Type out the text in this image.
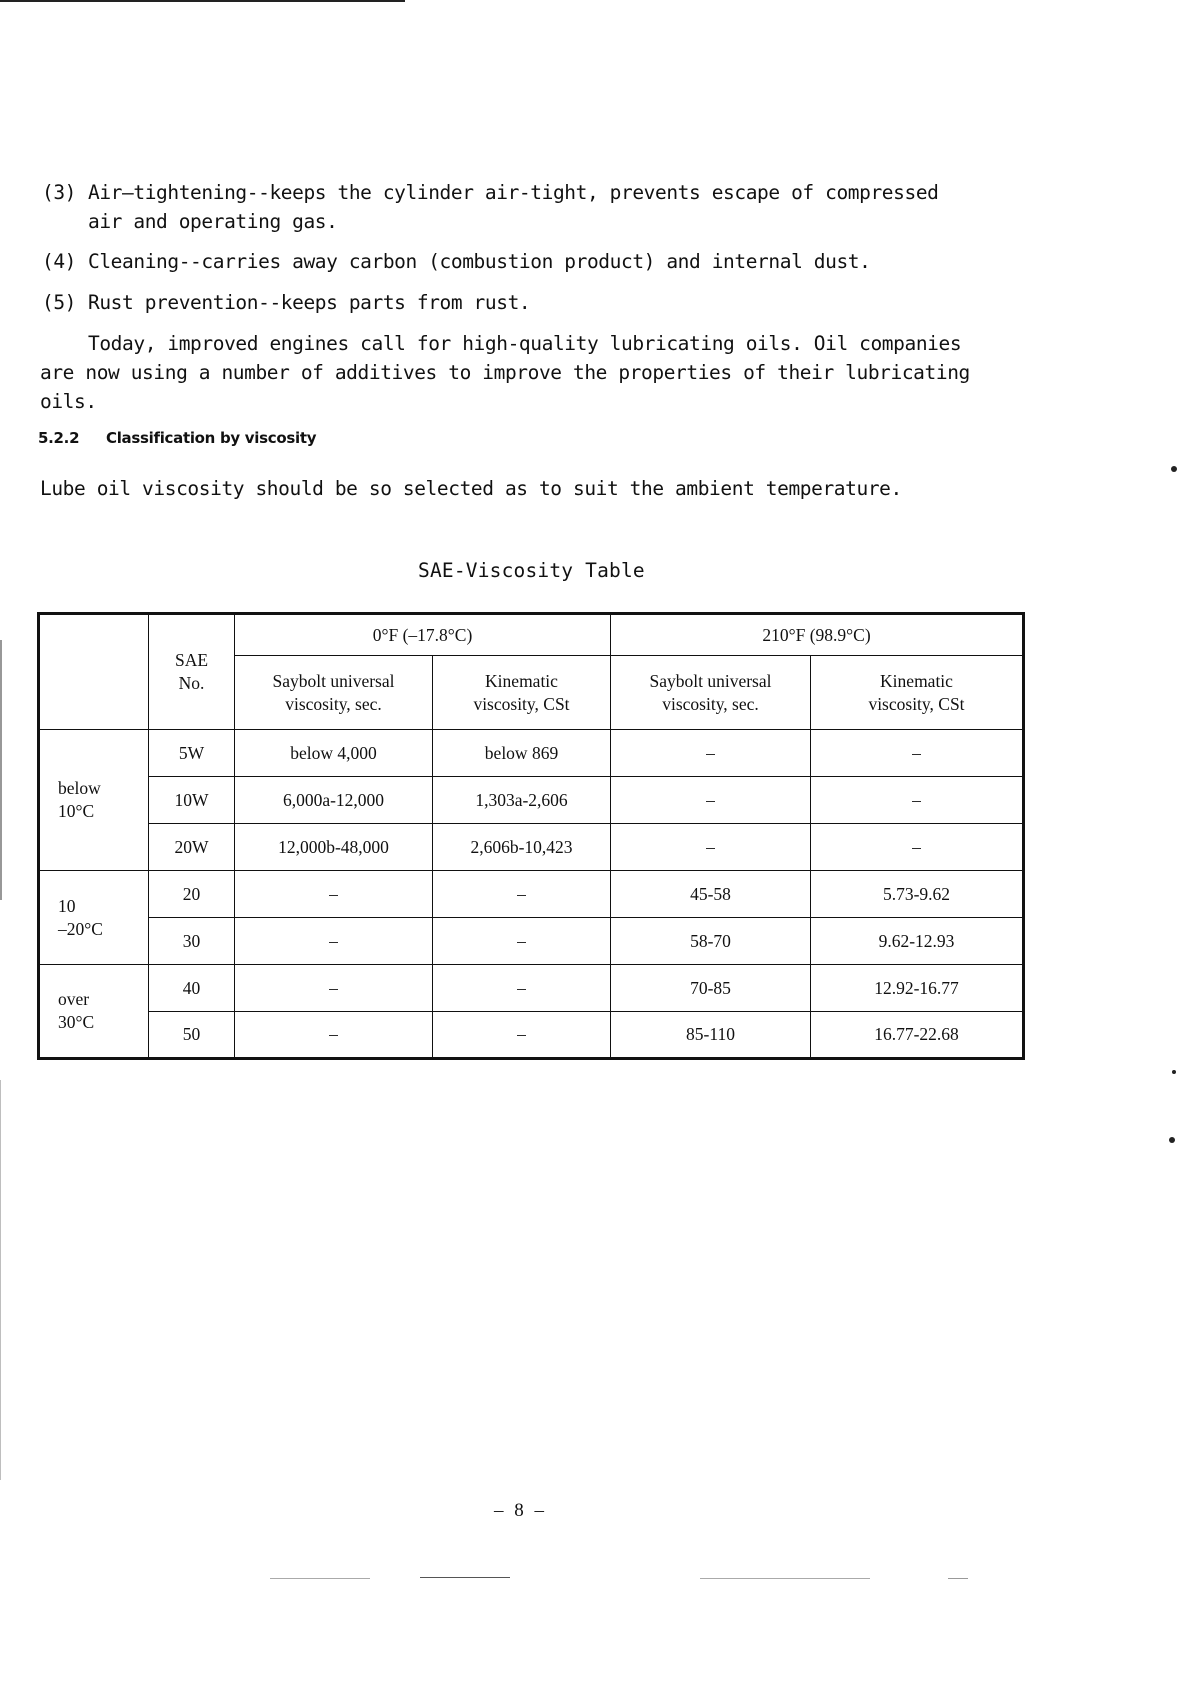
(3) Air–tightening--keeps the cylinder air-tight, prevents escape of compressed
air and operating gas.
(4) Cleaning--carries away carbon (combustion product) and internal dust.
(5) Rust prevention--keeps parts from rust.
Today, improved engines call for high-quality lubricating oils. Oil companies
are now using a number of additives to improve the properties of their lubricating oils.
5.2.2 Classification by viscosity
Lube oil viscosity should be so selected as to suit the ambient temperature.
SAE-Viscosity Table
	SAE No.	0°F (–17.8°C)		210°F (98.9°C)	
		Saybolt universal viscosity, sec.	Kinematic viscosity, CSt	Saybolt universal viscosity, sec.	Kinematic viscosity, CSt
below
10°C	5W	below 4,000	below 869	–	–
	10W	6,000a-12,000	1,303a-2,606	–	–
	20W	12,000b-48,000	2,606b-10,423	–	–
10
–20°C	20	–	–	45-58	5.73-9.62
	30	–	–	58-70	9.62-12.93
over
30°C	40	–	–	70-85	12.92-16.77
	50	–	–	85-110	16.77-22.68
– 8 –
